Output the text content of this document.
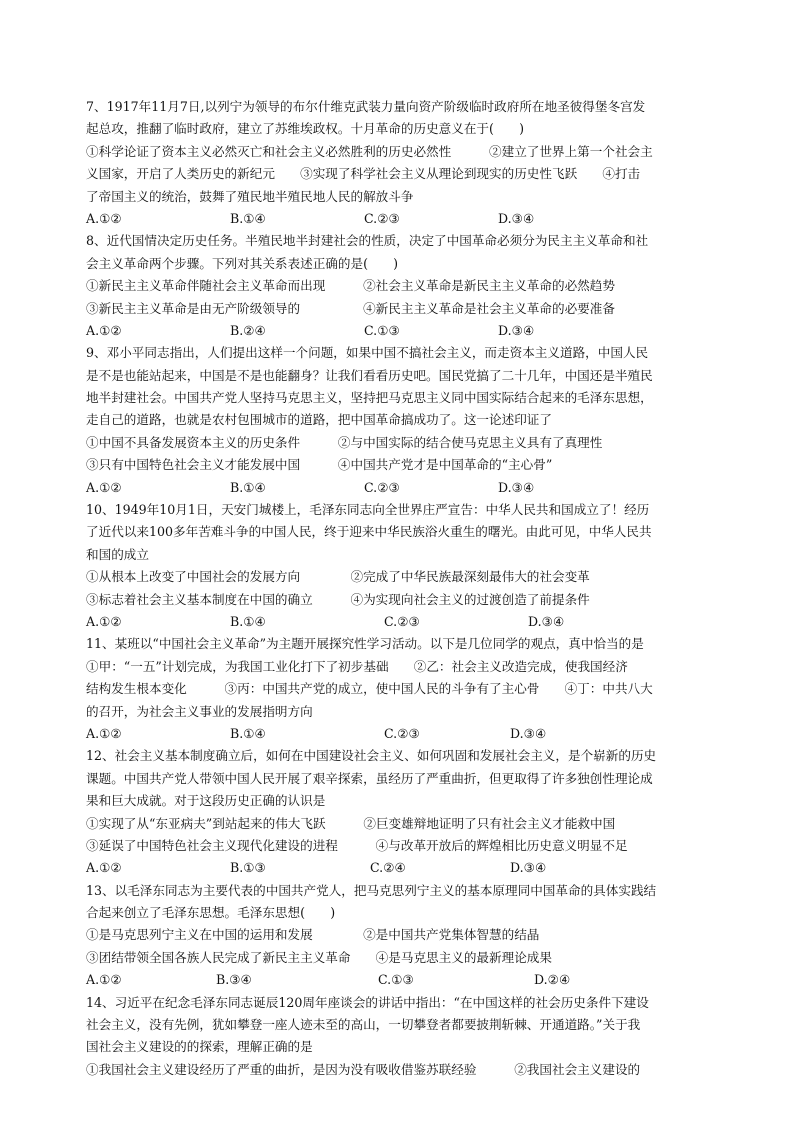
7、1917年11月7日,以列宁为领导的布尔什维克武装力量向资产阶级临时政府所在地圣彼得堡冬宫发
起总攻，推翻了临时政府，建立了苏维埃政权。十月革命的历史意义在于(　　)
①科学论证了资本主义必然灭亡和社会主义必然胜利的历史必然性　　　②建立了世界上第一个社会主
义国家，开启了人类历史的新纪元　　③实现了科学社会主义从理论到现实的历史性飞跃　　④打击
了帝国主义的统治，鼓舞了殖民地半殖民地人民的解放斗争
A.①②	B.①④	C.②③	D.③④
8、近代国情决定历史任务。半殖民地半封建社会的性质，决定了中国革命必须分为民主主义革命和社
会主义革命两个步骤。下列对其关系表述正确的是(　　)
①新民主主义革命伴随社会主义革命而出现　　　②社会主义革命是新民主主义革命的必然趋势
③新民主主义革命是由无产阶级领导的　　　　　④新民主主义革命是社会主义革命的必要准备
A.①②	B.②④	C.①③	D.③④
9、邓小平同志指出，人们提出这样一个问题，如果中国不搞社会主义，而走资本主义道路，中国人民
是不是也能站起来，中国是不是也能翻身？让我们看看历史吧。国民党搞了二十几年，中国还是半殖民
地半封建社会。中国共产党人坚持马克思主义，坚持把马克思主义同中国实际结合起来的毛泽东思想，
走自己的道路，也就是农村包围城市的道路，把中国革命搞成功了。这一论述印证了
①中国不具备发展资本主义的历史条件　　　②与中国实际的结合使马克思主义具有了真理性
③只有中国特色社会主义才能发展中国　　　④中国共产党才是中国革命的“主心骨”
A.①②	B.①④	C.②③	D.③④
10、1949年10月1日，天安门城楼上，毛泽东同志向全世界庄严宣告：中华人民共和国成立了！经历
了近代以来100多年苦难斗争的中国人民，终于迎来中华民族浴火重生的曙光。由此可见，中华人民共
和国的成立
①从根本上改变了中国社会的发展方向　　　　②完成了中华民族最深刻最伟大的社会变革
③标志着社会主义基本制度在中国的确立　　　④为实现向社会主义的过渡创造了前提条件
A.①②	B.①④	C.②③	D.③④
11、某班以“中国社会主义革命”为主题开展探究性学习活动。以下是几位同学的观点，真中恰当的是
①甲：“一五”计划完成，为我国工业化打下了初步基础　　②乙：社会主义改造完成，使我国经济
结构发生根本变化　　　③丙：中国共产党的成立，使中国人民的斗争有了主心骨　　④丁：中共八大
的召开，为社会主义事业的发展指明方向
A.①②	B.①④	C.②③	D.③④
12、社会主义基本制度确立后，如何在中国建设社会主义、如何巩固和发展社会主义，是个崭新的历史
课题。中国共产党人带领中国人民开展了艰辛探索，虽经历了严重曲折，但更取得了许多独创性理论成
果和巨大成就。对于这段历史正确的认识是
①实现了从“东亚病夫”到站起来的伟大飞跃　　　②巨变雄辩地证明了只有社会主义才能救中国
③延误了中国特色社会主义现代化建设的进程　　　④与改革开放后的辉煌相比历史意义明显不足
A.①②	B.①③	C.②④	D.③④
13、以毛泽东同志为主要代表的中国共产党人，把马克思列宁主义的基本原理同中国革命的具体实践结
合起来创立了毛泽东思想。毛泽东思想(　　)
①是马克思列宁主义在中国的运用和发展　　　　②是中国共产党集体智慧的结晶
③团结带领全国各族人民完成了新民主主义革命　　④是马克思主义的最新理论成果
A.①②	B.③④	C.①③	D.②④
14、习近平在纪念毛泽东同志诞辰120周年座谈会的讲话中指出：“在中国这样的社会历史条件下建设
社会主义，没有先例，犹如攀登一座人迹未至的高山，一切攀登者都要披荆斩棘、开通道路。”关于我
国社会主义建设的的探索，理解正确的是
①我国社会主义建设经历了严重的曲折，是因为没有吸收借鉴苏联经验　　　②我国社会主义建设的
